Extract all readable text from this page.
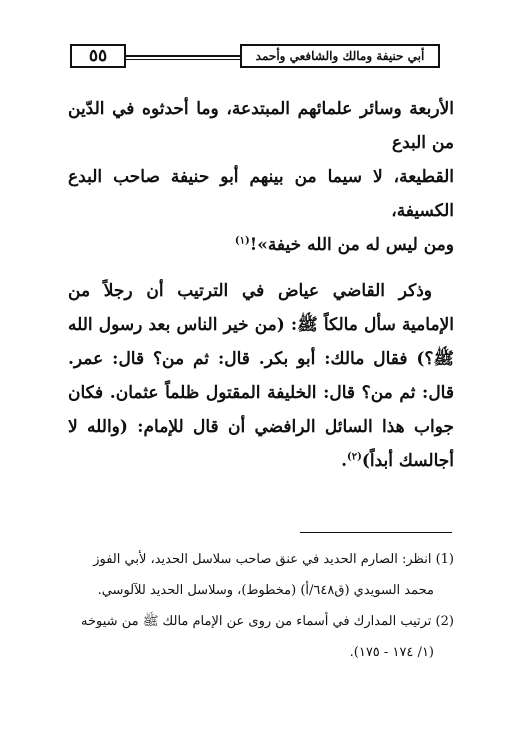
٥٥	أبي حنيفة ومالك والشافعي وأحمد

الأربعة وسائر علمائهم المبتدعة، وما أحدثوه في الدّين من البدع
القطيعة، لا سيما من بينهم أبو حنيفة صاحب البدع الكسيفة،
ومن ليس له من الله خيفة»!$^{(١)}$

وذكر القاضي عياض في الترتيب أن رجلاً من الإمامية سأل مالكاً ﷺ: (من خير الناس بعد رسول الله ﷺ؟) فقال مالك: أبو بكر. قال: ثم من؟ قال: عمر. قال: ثم من؟ قال: الخليفة المقتول ظلماً عثمان. فكان جواب هذا السائل الرافضي أن قال للإمام: (والله لا أجالسك أبداً)$^{(٢)}$.

(1) انظر: الصارم الحديد في عنق صاحب سلاسل الحديد، لأبي الفوز
محمد السويدي (ق٦٤٨/أ) (مخطوط)، وسلاسل الحديد للآلوسي.

(2) ترتيب المدارك في أسماء من روى عن الإمام مالك ﷺ من شيوخه
(١/ ١٧٤ - ١٧٥).
